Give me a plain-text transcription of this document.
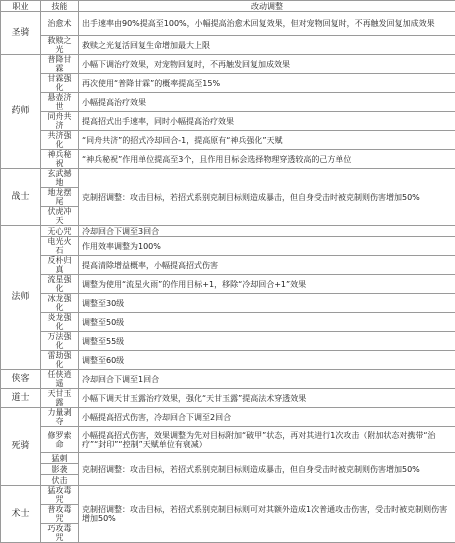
职业	技能	改动调整
圣骑	治愈术	出手速率由90%提高至100%，小幅提高治愈术回复效果，但对宠物回复时，不再触发回复加成效果
	救赎之光	救赎之光复活回复生命增加最大上限
药师	普降甘霖	小幅下调治疗效果，对宠物回复时，不再触发回复加成效果
	甘霖强化	再次使用“普降甘霖”的概率提高至15%
	悬壶济世	小幅提高治疗效果
	同舟共济	提高招式出手速率，同时小幅提高治疗效果
	共济强化	“同舟共济”的招式冷却回合-1，提高原有“神兵强化”天赋
	神兵秘祝	“神兵秘祝”作用单位提高至3个，且作用目标会选择物理穿透较高的己方单位
战士	玄武撼地	克制招调整：攻击目标，若招式系别克制目标则造成暴击，但自身受击时被克制则伤害增加50%
	地龙摆尾	
	伏虎冲天	
法师	无心咒	冷却回合下调至3回合
	电光火石	作用效率调整为100%
	反朴归真	提高清除增益概率，小幅提高招式伤害
	流星强化	调整为使用“流星火雨”的作用目标+1，移除“冷却回合+1”效果
	冰龙强化	调整至30级
	炎龙强化	调整至50级
	万法强化	调整至55级
	雷劫强化	调整至60级
侠客	任侠逍遥	冷却回合下调至1回合
道士	天甘玉露	小幅下调天甘玉露治疗效果，强化“天甘玉露”提高法术穿透效果
死骑	力量剥夺	小幅提高招式伤害，冷却回合下调至2回合
	修罗索命	小幅提高招式伤害，效果调整为先对目标附加“破甲”状态，再对其进行1次攻击（附加状态对携带“治疗”“封印”“控制”天赋单位有衰减）
	猛刺	克制招调整：攻击目标，若招式系别克制目标则造成暴击，但自身受击时被克制则伤害增加50%
	影袭	
	伏击	
术士	猛攻毒咒	克制招调整：攻击目标，若招式系别克制目标则可对其额外造成1次普通攻击伤害，受击时被克制则伤害增加50%
	普攻毒咒	
	巧攻毒咒	
